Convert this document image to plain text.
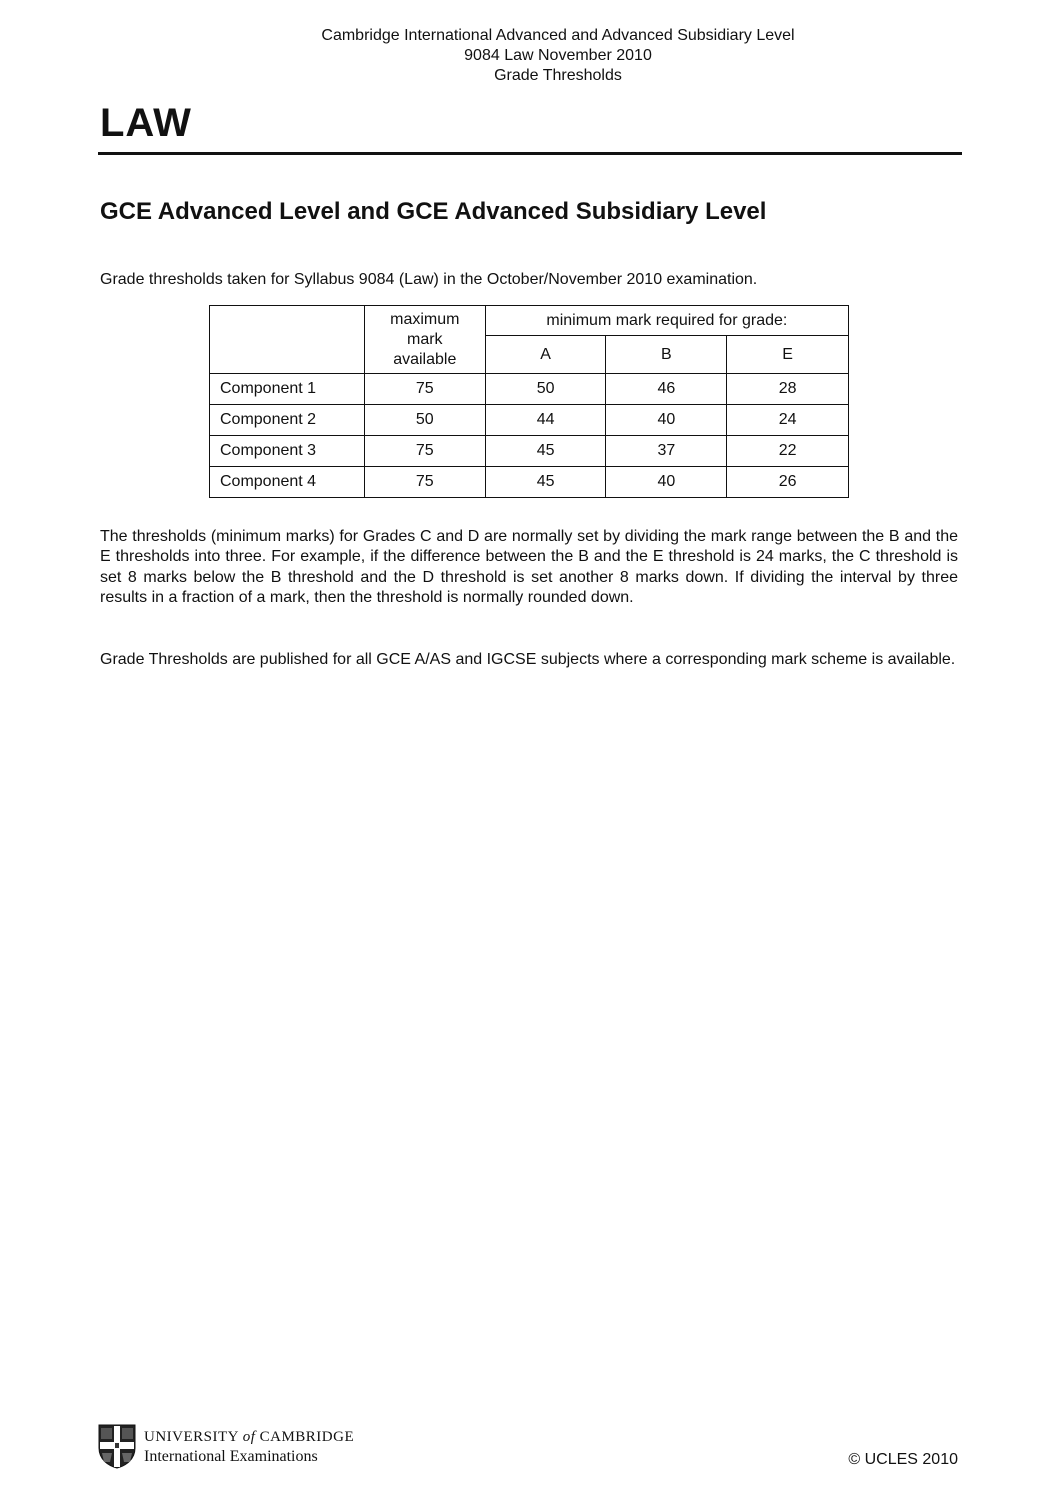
Cambridge International Advanced and Advanced Subsidiary Level
9084 Law November 2010
Grade Thresholds
LAW
GCE Advanced Level and GCE Advanced Subsidiary Level

Grade thresholds taken for Syllabus 9084 (Law) in the October/November 2010 examination.

	maximum
mark
available	minimum mark required for grade:		
		A	B	E
Component 1	75	50	46	28
Component 2	50	44	40	24
Component 3	75	45	37	22
Component 4	75	45	40	26

The thresholds (minimum marks) for Grades C and D are normally set by dividing the mark range between the B and the E thresholds into three. For example, if the difference between the B and the E threshold is 24 marks, the C threshold is set 8 marks below the B threshold and the D threshold is set another 8 marks down. If dividing the interval by three results in a fraction of a mark, then the threshold is normally rounded down.

Grade Thresholds are published for all GCE A/AS and IGCSE subjects where a corresponding mark scheme is available.

UNIVERSITY of CAMBRIDGE
International Examinations	© UCLES 2010
